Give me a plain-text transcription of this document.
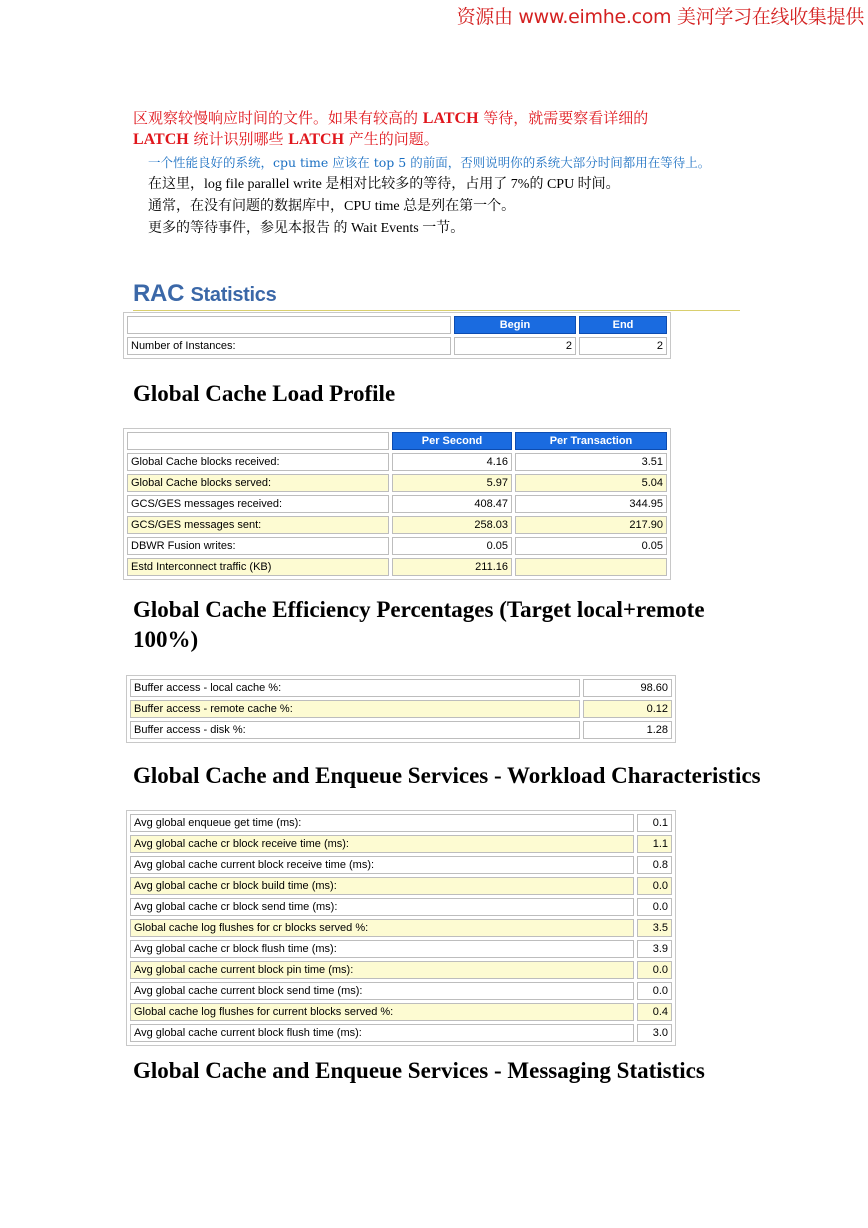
资源由 www.eimhe.com 美河学习在线收集提供

区观察较慢响应时间的文件。如果有较高的 LATCH 等待，就需要察看详细的
LATCH 统计识别哪些 LATCH 产生的问题。

一个性能良好的系统，cpu time 应该在 top 5 的前面，否则说明你的系统大部分时间都用在等待上。

在这里，log file parallel write 是相对比较多的等待，占用了 7%的 CPU 时间。

通常，在没有问题的数据库中，CPU time 总是列在第一个。

更多的等待事件，参见本报告 的 Wait Events 一节。

RAC Statistics
	Begin	End
Number of Instances:	2	2
Global Cache Load Profile
	Per Second	Per Transaction
Global Cache blocks received:	4.16	3.51
Global Cache blocks served:	5.97	5.04
GCS/GES messages received:	408.47	344.95
GCS/GES messages sent:	258.03	217.90
DBWR Fusion writes:	0.05	0.05
Estd Interconnect traffic (KB)	211.16	
Global Cache Efficiency Percentages (Target local+remote
100%)
Buffer access - local cache %:	98.60
Buffer access - remote cache %:	0.12
Buffer access - disk %:	1.28
Global Cache and Enqueue Services - Workload Characteristics
Avg global enqueue get time (ms):	0.1
Avg global cache cr block receive time (ms):	1.1
Avg global cache current block receive time (ms):	0.8
Avg global cache cr block build time (ms):	0.0
Avg global cache cr block send time (ms):	0.0
Global cache log flushes for cr blocks served %:	3.5
Avg global cache cr block flush time (ms):	3.9
Avg global cache current block pin time (ms):	0.0
Avg global cache current block send time (ms):	0.0
Global cache log flushes for current blocks served %:	0.4
Avg global cache current block flush time (ms):	3.0
Global Cache and Enqueue Services - Messaging Statistics
